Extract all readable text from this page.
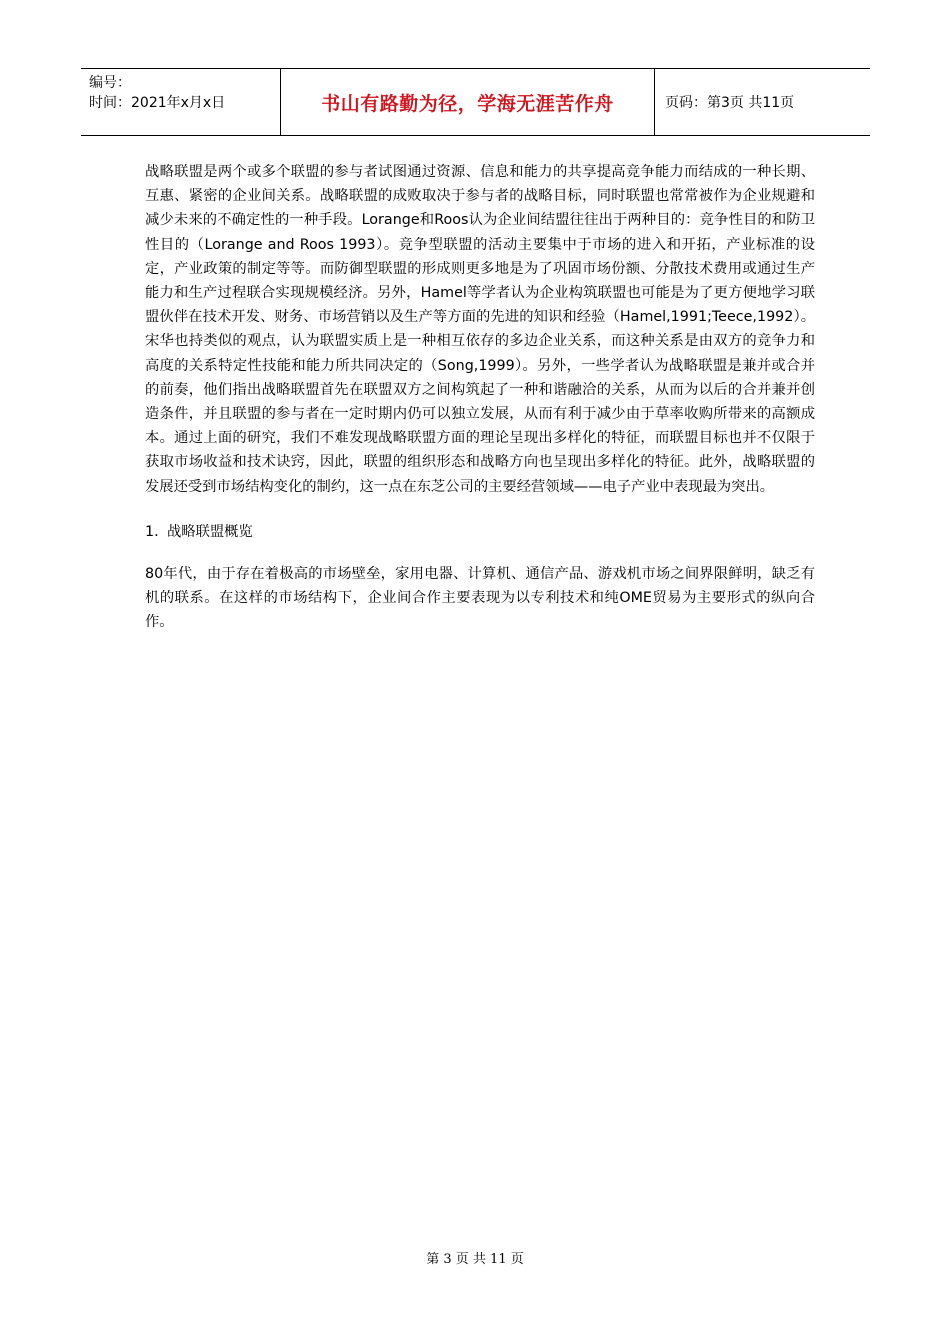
编号：
时间：2021年x月x日	书山有路勤为径，学海无涯苦作舟	页码：第3页 共11页

战略联盟是两个或多个联盟的参与者试图通过资源、信息和能力的共享提高竞争能力而结成的一种长期、互惠、紧密的企业间关系。战略联盟的成败取决于参与者的战略目标，同时联盟也常常被作为企业规避和减少未来的不确定性的一种手段。Lorange和Roos认为企业间结盟往往出于两种目的：竞争性目的和防卫性目的（Lorange and Roos 1993）。竞争型联盟的活动主要集中于市场的进入和开拓，产业标准的设定，产业政策的制定等等。而防御型联盟的形成则更多地是为了巩固市场份额、分散技术费用或通过生产能力和生产过程联合实现规模经济。另外，Hamel等学者认为企业构筑联盟也可能是为了更方便地学习联盟伙伴在技术开发、财务、市场营销以及生产等方面的先进的知识和经验（Hamel,1991;Teece,1992）。宋华也持类似的观点，认为联盟实质上是一种相互依存的多边企业关系，而这种关系是由双方的竞争力和高度的关系特定性技能和能力所共同决定的（Song,1999）。另外，一些学者认为战略联盟是兼并或合并的前奏，他们指出战略联盟首先在联盟双方之间构筑起了一种和谐融洽的关系，从而为以后的合并兼并创造条件，并且联盟的参与者在一定时期内仍可以独立发展，从而有利于减少由于草率收购所带来的高额成本。通过上面的研究，我们不难发现战略联盟方面的理论呈现出多样化的特征，而联盟目标也并不仅限于获取市场收益和技术诀窍，因此，联盟的组织形态和战略方向也呈现出多样化的特征。此外，战略联盟的发展还受到市场结构变化的制约，这一点在东芝公司的主要经营领域——电子产业中表现最为突出。

1. 战略联盟概览

80年代，由于存在着极高的市场壁垒，家用电器、计算机、通信产品、游戏机市场之间界限鲜明，缺乏有机的联系。在这样的市场结构下，企业间合作主要表现为以专利技术和纯OME贸易为主要形式的纵向合作。

第 3 页 共 11 页
